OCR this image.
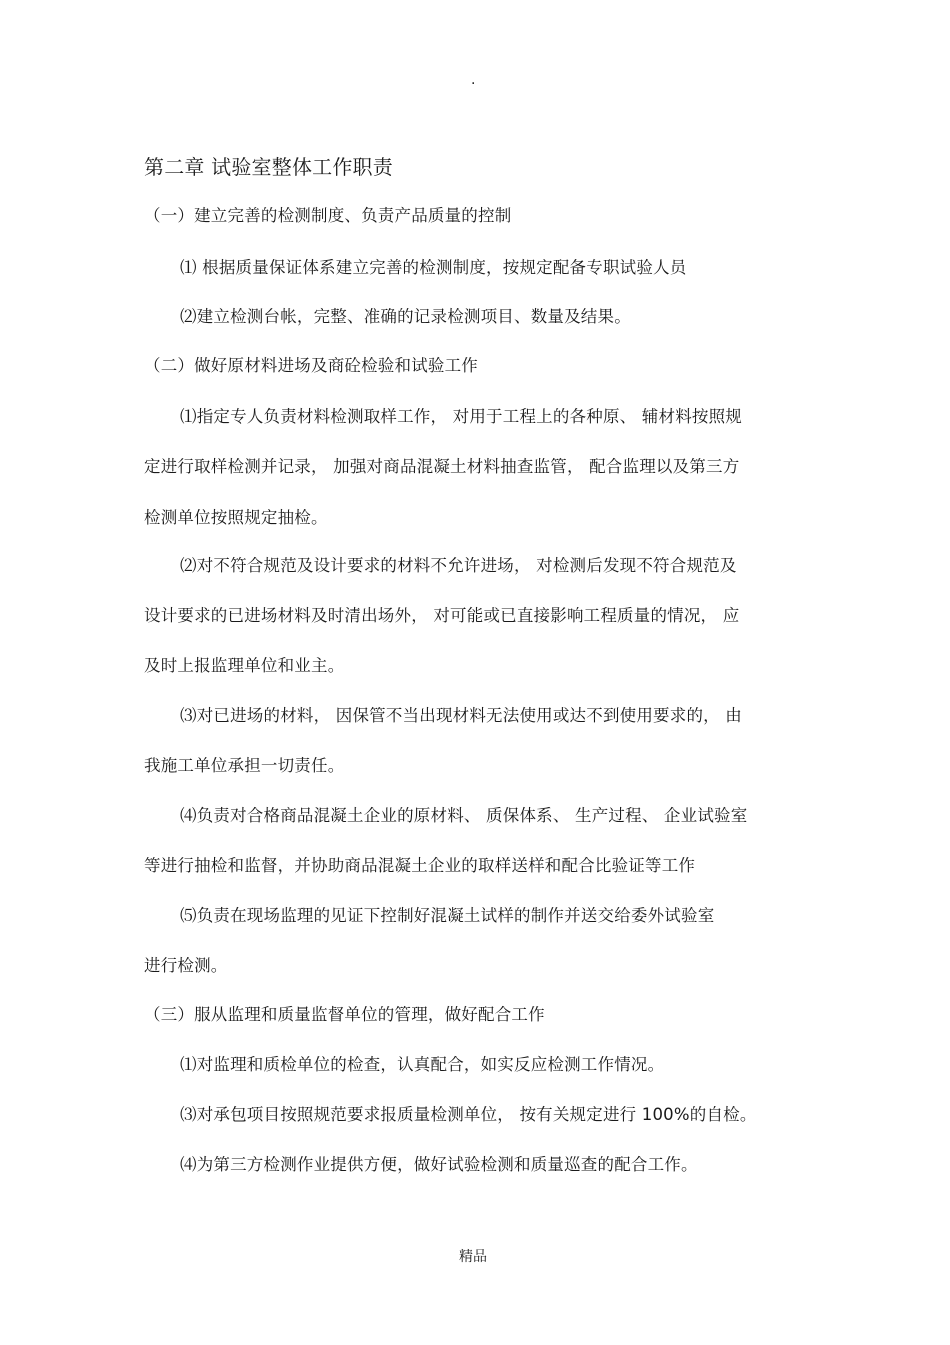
.
第二章 试验室整体工作职责
（一）建立完善的检测制度、负责产品质量的控制
⑴ 根据质量保证体系建立完善的检测制度，按规定配备专职试验人员
⑵建立检测台帐，完整、准确的记录检测项目、数量及结果。
（二）做好原材料进场及商砼检验和试验工作
⑴指定专人负责材料检测取样工作， 对用于工程上的各种原、 辅材料按照规
定进行取样检测并记录， 加强对商品混凝土材料抽查监管， 配合监理以及第三方
检测单位按照规定抽检。
⑵对不符合规范及设计要求的材料不允许进场， 对检测后发现不符合规范及
设计要求的已进场材料及时清出场外， 对可能或已直接影响工程质量的情况， 应
及时上报监理单位和业主。
⑶对已进场的材料， 因保管不当出现材料无法使用或达不到使用要求的， 由
我施工单位承担一切责任。
⑷负责对合格商品混凝土企业的原材料、 质保体系、 生产过程、 企业试验室
等进行抽检和监督，并协助商品混凝土企业的取样送样和配合比验证等工作
⑸负责在现场监理的见证下控制好混凝土试样的制作并送交给委外试验室
进行检测。
（三）服从监理和质量监督单位的管理，做好配合工作
⑴对监理和质检单位的检查，认真配合，如实反应检测工作情况。
⑶对承包项目按照规范要求报质量检测单位， 按有关规定进行 100%的自检。
⑷为第三方检测作业提供方便，做好试验检测和质量巡查的配合工作。
精品
